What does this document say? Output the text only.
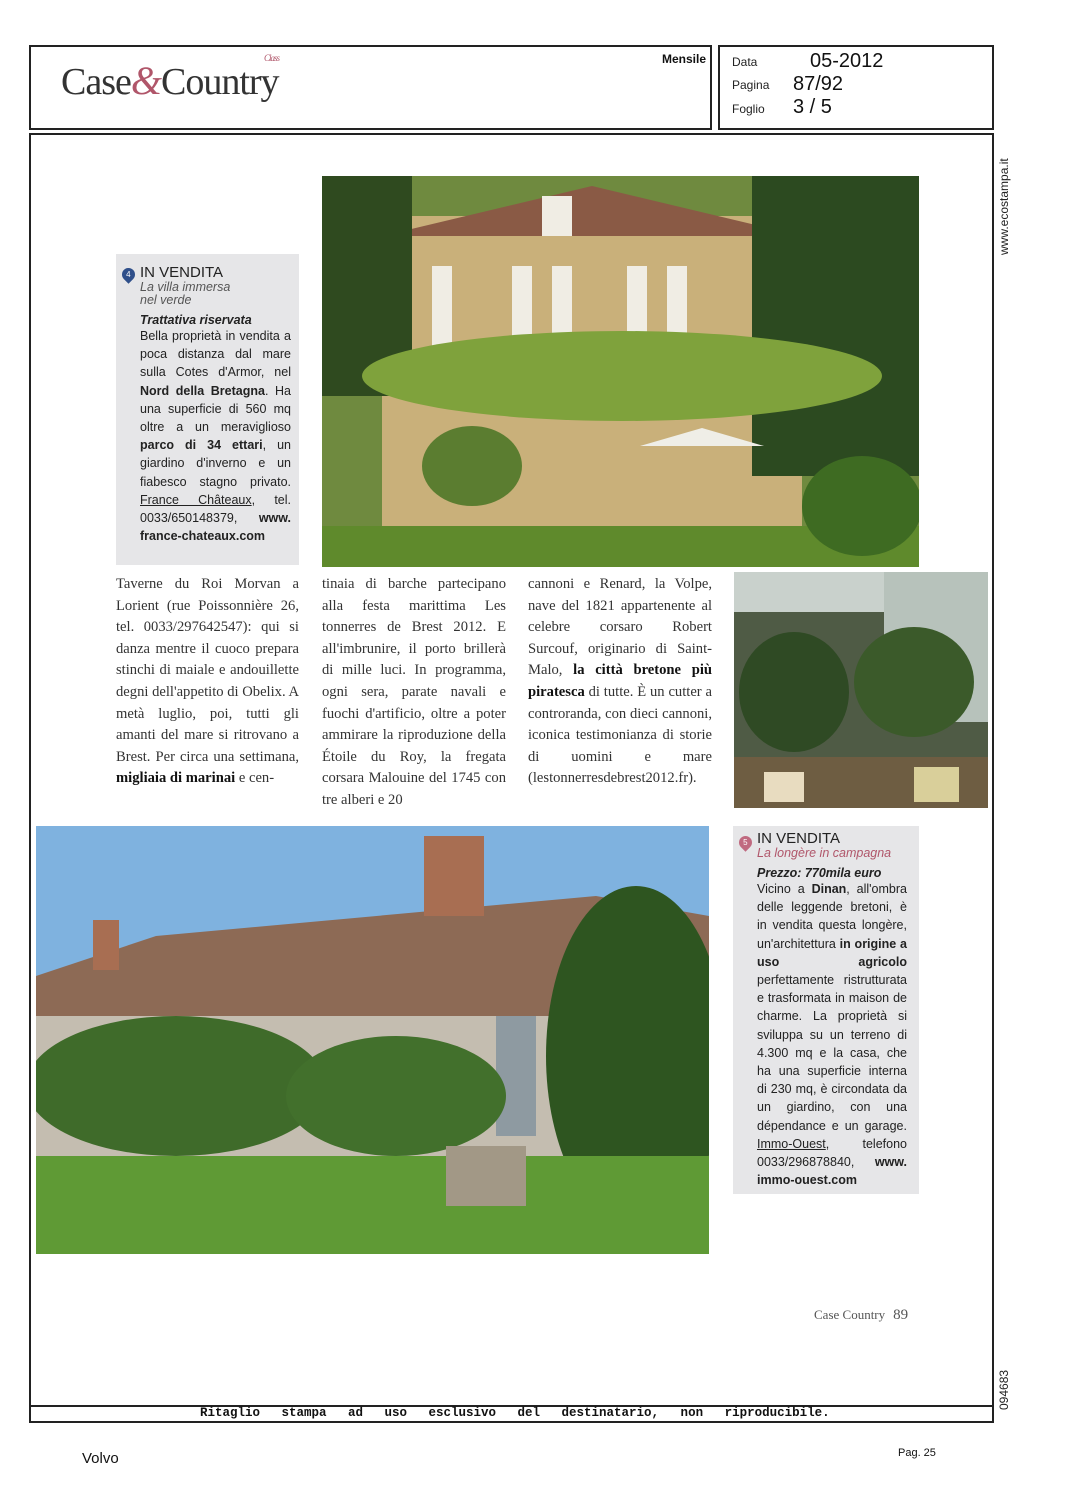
Case&Country
Class	Mensile Data	05-2012
Pagina 87/92
Foglio 3 / 5
www.ecostampa.it
094683
4 IN VENDITA
La villa immersa
nel verde
Trattativa riservata
Bella proprietà in vendita a poca distanza dal mare sulla Cotes d'Armor, nel Nord della Bretagna. Ha una superficie di 560 mq oltre a un meraviglioso parco di 34 ettari, un giardino d'inverno e un fiabesco stagno privato. France Châteaux, tel. 0033/650148379, www. france-chateaux.com
Taverne du Roi Morvan a Lorient (rue Poissonnière 26, tel. 0033/297642547): qui si danza mentre il cuoco prepara stinchi di maiale e andouillette degni dell'appetito di Obelix. A metà luglio, poi, tutti gli amanti del mare si ritrovano a Brest. Per circa una settimana, migliaia di marinai e cen-
tinaia di barche partecipano alla festa marittima Les tonnerres de Brest 2012. E all'imbrunire, il porto brillerà di mille luci. In programma, ogni sera, parate navali e fuochi d'artificio, oltre a poter ammirare la riproduzione della Étoile du Roy, la fregata corsara Malouine del 1745 con tre alberi e 20
cannoni e Renard, la Volpe, nave del 1821 appartenente al celebre corsaro Robert Surcouf, originario di Saint-Malo, la città bretone più piratesca di tutte. È un cutter a controranda, con dieci cannoni, iconica testimonianza di storie di uomini e mare (lestonnerresdebrest2012.fr).
5 IN VENDITA
La longère in campagna
Prezzo: 770mila euro
Vicino a Dinan, all'ombra delle leggende bretoni, è in vendita questa longère, un'architettura in origine a uso agricolo perfettamente ristrutturata e trasformata in maison de charme. La proprietà si sviluppa su un terreno di 4.300 mq e la casa, che ha una superficie interna di 230 mq, è circondata da un giardino, con una dépendance e un garage. Immo-Ouest, telefono 0033/296878840, www. immo-ouest.com
Case Country 89
Ritaglio stampa ad uso esclusivo del destinatario, non riproducibile.
Volvo	Pag. 25
